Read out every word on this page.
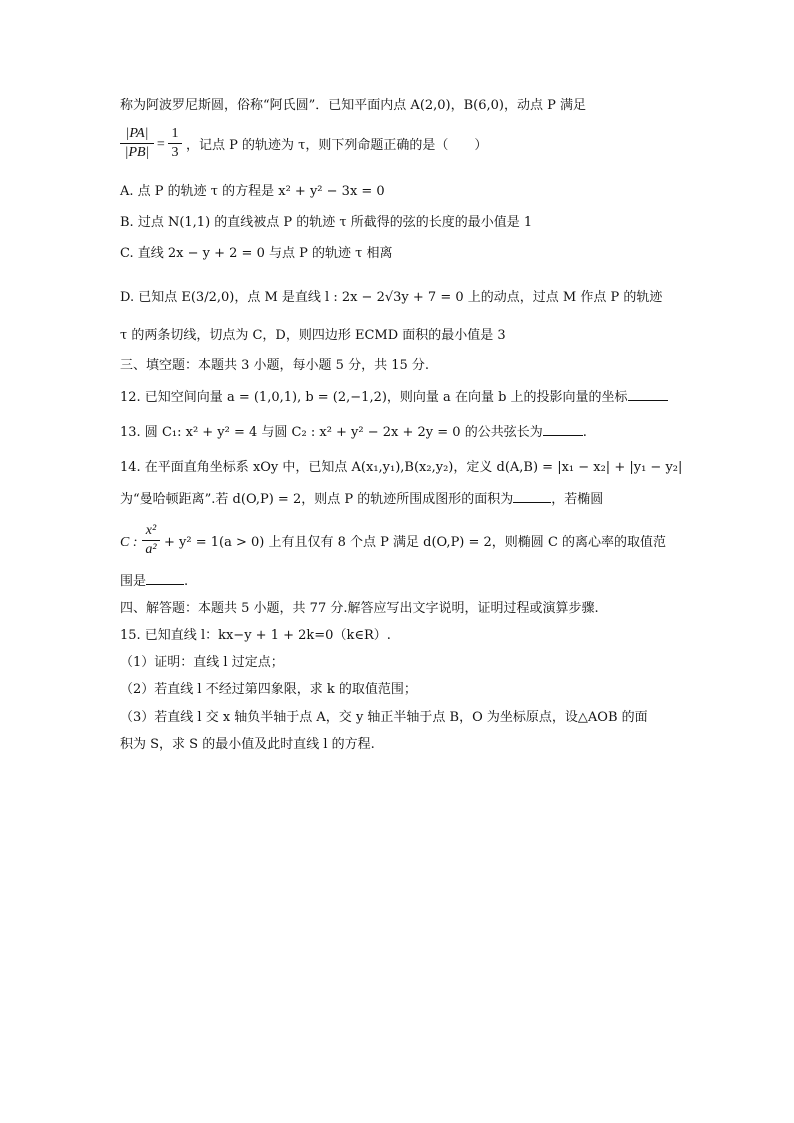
称为阿波罗尼斯圆，俗称“阿氏圆”．已知平面内点 A(2,0)，B(6,0)，动点 P 满足
|PA|
|PB|
=
1
3 ，记点 P 的轨迹为 τ，则下列命题正确的是（　　）
A. 点 P 的轨迹 τ 的方程是 x² + y² − 3x = 0
B. 过点 N(1,1) 的直线被点 P 的轨迹 τ 所截得的弦的长度的最小值是 1
C. 直线 2x − y + 2 = 0 与点 P 的轨迹 τ 相离
D. 已知点 E(3/2,0)，点 M 是直线 l : 2x − 2√3y + 7 = 0 上的动点，过点 M 作点 P 的轨迹
τ 的两条切线，切点为 C，D，则四边形 ECMD 面积的最小值是 3
三、填空题：本题共 3 小题，每小题 5 分，共 15 分.
12. 已知空间向量 a = (1,0,1), b = (2,−1,2)，则向量 a 在向量 b 上的投影向量的坐标
13. 圆 C₁: x² + y² = 4 与圆 C₂ : x² + y² − 2x + 2y = 0 的公共弦长为	.
14. 在平面直角坐标系 xOy 中，已知点 A(x₁,y₁),B(x₂,y₂)，定义 d(A,B) = |x₁ − x₂| + |y₁ − y₂|
为“曼哈顿距离”.若 d(O,P) = 2，则点 P 的轨迹所围成图形的面积为	，若椭圆
C :
x²
a² + y² = 1(a > 0) 上有且仅有 8 个点 P 满足 d(O,P) = 2，则椭圆 C 的离心率的取值范
围是	.
四、解答题：本题共 5 小题，共 77 分.解答应写出文字说明，证明过程或演算步骤.
15. 已知直线 l：kx−y + 1 + 2k=0（k∈R）.
（1）证明：直线 l 过定点；
（2）若直线 l 不经过第四象限，求 k 的取值范围；
（3）若直线 l 交 x 轴负半轴于点 A，交 y 轴正半轴于点 B，O 为坐标原点，设△AOB 的面
积为 S，求 S 的最小值及此时直线 l 的方程.
